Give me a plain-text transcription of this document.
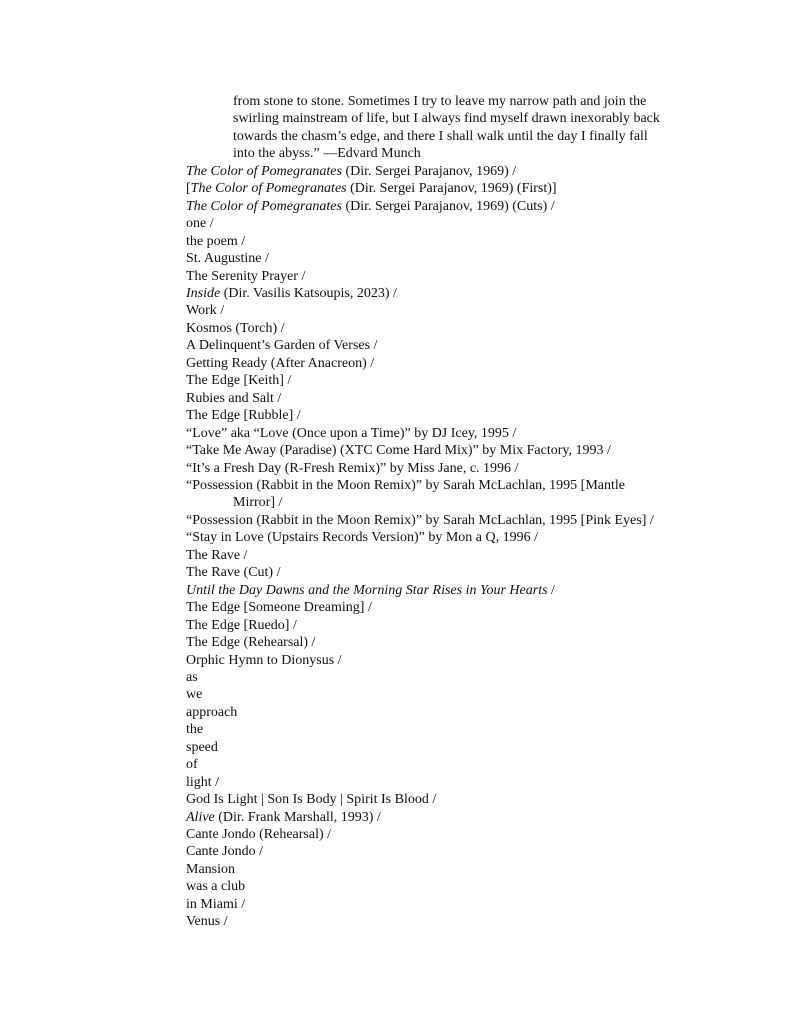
from stone to stone. Sometimes I try to leave my narrow path and join the
swirling mainstream of life, but I always find myself drawn inexorably back
towards the chasm’s edge, and there I shall walk until the day I finally fall
into the abyss.” —Edvard Munch
The Color of Pomegranates (Dir. Sergei Parajanov, 1969) /
[The Color of Pomegranates (Dir. Sergei Parajanov, 1969) (First)]
The Color of Pomegranates (Dir. Sergei Parajanov, 1969) (Cuts) /
one /
the poem /
St. Augustine /
The Serenity Prayer /
Inside (Dir. Vasilis Katsoupis, 2023) /
Work /
Kosmos (Torch) /
A Delinquent’s Garden of Verses /
Getting Ready (After Anacreon) /
The Edge [Keith] /
Rubies and Salt /
The Edge [Rubble] /
“Love” aka “Love (Once upon a Time)” by DJ Icey, 1995 /
“Take Me Away (Paradise) (XTC Come Hard Mix)” by Mix Factory, 1993 /
“It’s a Fresh Day (R-Fresh Remix)” by Miss Jane, c. 1996 /
“Possession (Rabbit in the Moon Remix)” by Sarah McLachlan, 1995 [Mantle
Mirror] /
“Possession (Rabbit in the Moon Remix)” by Sarah McLachlan, 1995 [Pink Eyes] /
“Stay in Love (Upstairs Records Version)” by Mon a Q, 1996 /
The Rave /
The Rave (Cut) /
Until the Day Dawns and the Morning Star Rises in Your Hearts /
The Edge [Someone Dreaming] /
The Edge [Ruedo] /
The Edge (Rehearsal) /
Orphic Hymn to Dionysus /
as
we
approach
the
speed
of
light /
God Is Light | Son Is Body | Spirit Is Blood /
Alive (Dir. Frank Marshall, 1993) /
Cante Jondo (Rehearsal) /
Cante Jondo /
Mansion
was a club
in Miami /
Venus /
